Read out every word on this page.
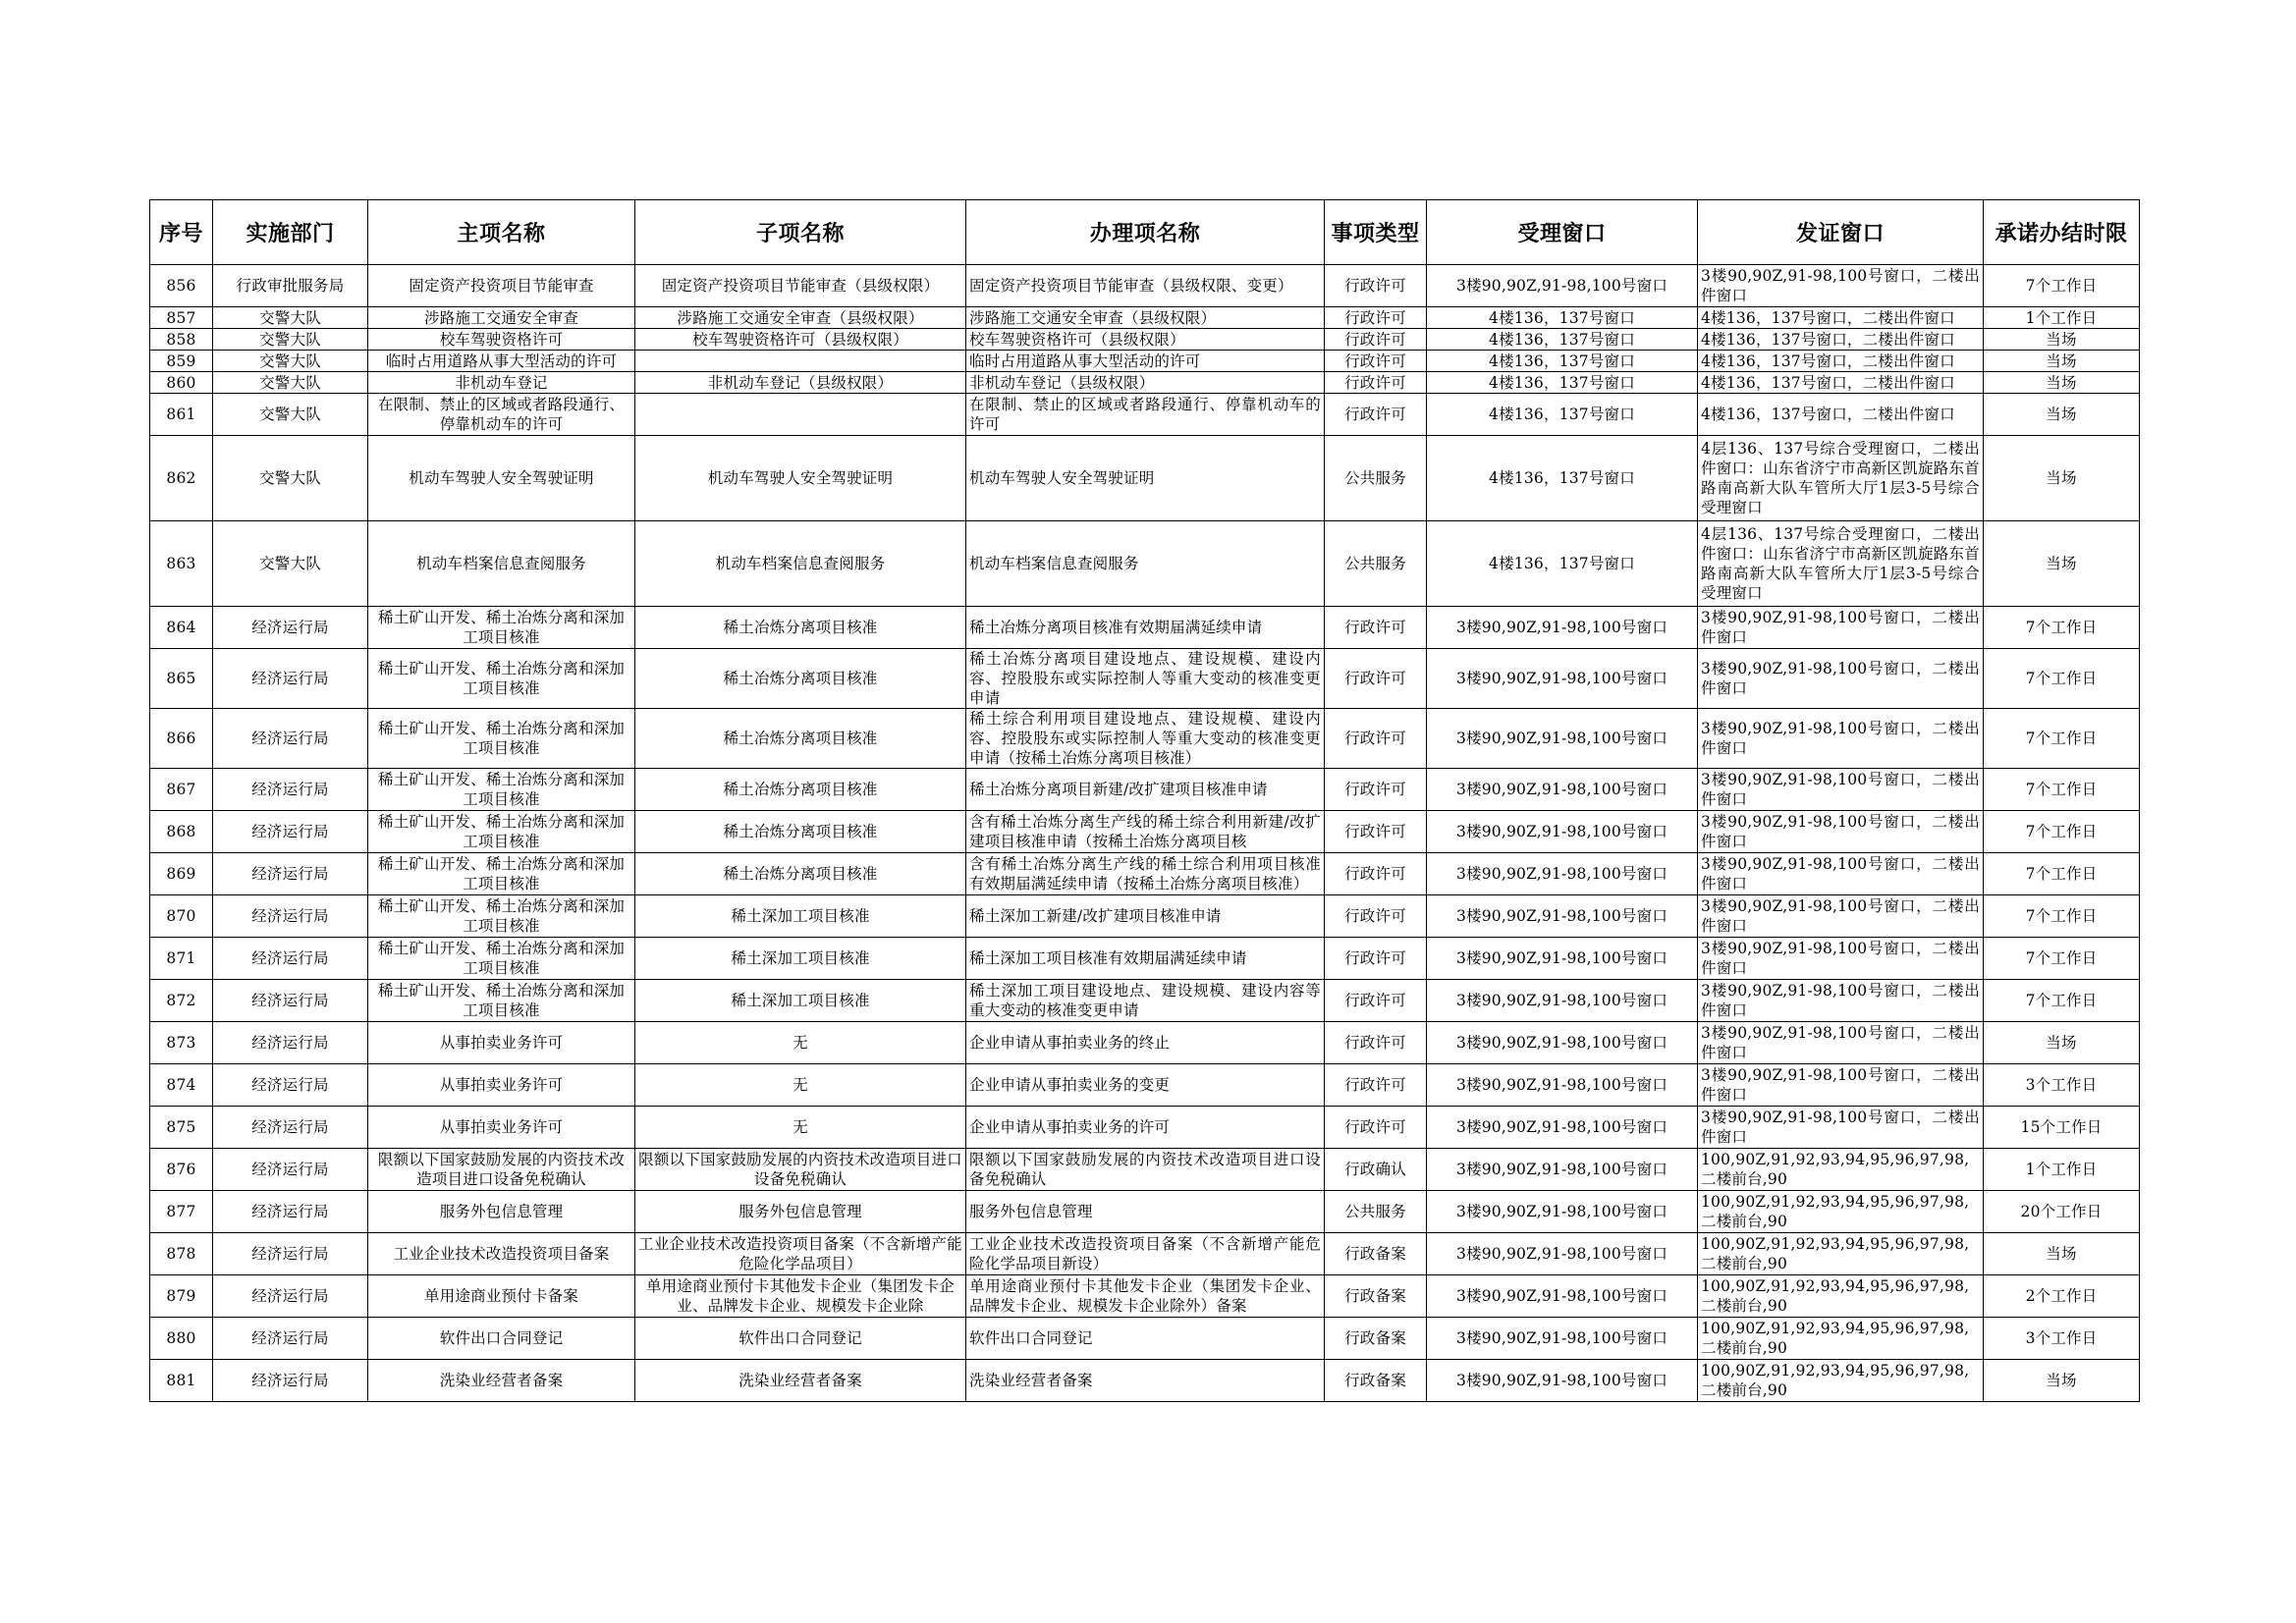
序号	实施部门	主项名称	子项名称	办理项名称	事项类型	受理窗口	发证窗口	承诺办结时限
856	行政审批服务局	固定资产投资项目节能审查	固定资产投资项目节能审查（县级权限）	固定资产投资项目节能审查（县级权限、变更）	行政许可	3楼90,90Z,91-98,100号窗口	3楼90,90Z,91-98,100号窗口，二楼出件窗口	7个工作日
857	交警大队	涉路施工交通安全审查	涉路施工交通安全审查（县级权限）	涉路施工交通安全审查（县级权限）	行政许可	4楼136，137号窗口	4楼136，137号窗口，二楼出件窗口	1个工作日
858	交警大队	校车驾驶资格许可	校车驾驶资格许可（县级权限）	校车驾驶资格许可（县级权限）	行政许可	4楼136，137号窗口	4楼136，137号窗口，二楼出件窗口	当场
859	交警大队	临时占用道路从事大型活动的许可		临时占用道路从事大型活动的许可	行政许可	4楼136，137号窗口	4楼136，137号窗口，二楼出件窗口	当场
860	交警大队	非机动车登记	非机动车登记（县级权限）	非机动车登记（县级权限）	行政许可	4楼136，137号窗口	4楼136，137号窗口，二楼出件窗口	当场
861	交警大队	在限制、禁止的区域或者路段通行、停靠机动车的许可		在限制、禁止的区域或者路段通行、停靠机动车的许可	行政许可	4楼136，137号窗口	4楼136，137号窗口，二楼出件窗口	当场
862	交警大队	机动车驾驶人安全驾驶证明	机动车驾驶人安全驾驶证明	机动车驾驶人安全驾驶证明	公共服务	4楼136，137号窗口	4层136、137号综合受理窗口，二楼出件窗口：山东省济宁市高新区凯旋路东首路南高新大队车管所大厅1层3-5号综合受理窗口	当场
863	交警大队	机动车档案信息查阅服务	机动车档案信息查阅服务	机动车档案信息查阅服务	公共服务	4楼136，137号窗口	4层136、137号综合受理窗口，二楼出件窗口：山东省济宁市高新区凯旋路东首路南高新大队车管所大厅1层3-5号综合受理窗口	当场
864	经济运行局	稀土矿山开发、稀土冶炼分离和深加工项目核准	稀土冶炼分离项目核准	稀土冶炼分离项目核准有效期届满延续申请	行政许可	3楼90,90Z,91-98,100号窗口	3楼90,90Z,91-98,100号窗口，二楼出件窗口	7个工作日
865	经济运行局	稀土矿山开发、稀土冶炼分离和深加工项目核准	稀土冶炼分离项目核准	稀土冶炼分离项目建设地点、建设规模、建设内容、控股股东或实际控制人等重大变动的核准变更申请	行政许可	3楼90,90Z,91-98,100号窗口	3楼90,90Z,91-98,100号窗口，二楼出件窗口	7个工作日
866	经济运行局	稀土矿山开发、稀土冶炼分离和深加工项目核准	稀土冶炼分离项目核准	稀土综合利用项目建设地点、建设规模、建设内容、控股股东或实际控制人等重大变动的核准变更申请（按稀土冶炼分离项目核准）	行政许可	3楼90,90Z,91-98,100号窗口	3楼90,90Z,91-98,100号窗口，二楼出件窗口	7个工作日
867	经济运行局	稀土矿山开发、稀土冶炼分离和深加工项目核准	稀土冶炼分离项目核准	稀土冶炼分离项目新建/改扩建项目核准申请	行政许可	3楼90,90Z,91-98,100号窗口	3楼90,90Z,91-98,100号窗口，二楼出件窗口	7个工作日
868	经济运行局	稀土矿山开发、稀土冶炼分离和深加工项目核准	稀土冶炼分离项目核准	含有稀土冶炼分离生产线的稀土综合利用新建/改扩建项目核准申请（按稀土冶炼分离项目核	行政许可	3楼90,90Z,91-98,100号窗口	3楼90,90Z,91-98,100号窗口，二楼出件窗口	7个工作日
869	经济运行局	稀土矿山开发、稀土冶炼分离和深加工项目核准	稀土冶炼分离项目核准	含有稀土冶炼分离生产线的稀土综合利用项目核准有效期届满延续申请（按稀土冶炼分离项目核准）	行政许可	3楼90,90Z,91-98,100号窗口	3楼90,90Z,91-98,100号窗口，二楼出件窗口	7个工作日
870	经济运行局	稀土矿山开发、稀土冶炼分离和深加工项目核准	稀土深加工项目核准	稀土深加工新建/改扩建项目核准申请	行政许可	3楼90,90Z,91-98,100号窗口	3楼90,90Z,91-98,100号窗口，二楼出件窗口	7个工作日
871	经济运行局	稀土矿山开发、稀土冶炼分离和深加工项目核准	稀土深加工项目核准	稀土深加工项目核准有效期届满延续申请	行政许可	3楼90,90Z,91-98,100号窗口	3楼90,90Z,91-98,100号窗口，二楼出件窗口	7个工作日
872	经济运行局	稀土矿山开发、稀土冶炼分离和深加工项目核准	稀土深加工项目核准	稀土深加工项目建设地点、建设规模、建设内容等重大变动的核准变更申请	行政许可	3楼90,90Z,91-98,100号窗口	3楼90,90Z,91-98,100号窗口，二楼出件窗口	7个工作日
873	经济运行局	从事拍卖业务许可	无	企业申请从事拍卖业务的终止	行政许可	3楼90,90Z,91-98,100号窗口	3楼90,90Z,91-98,100号窗口，二楼出件窗口	当场
874	经济运行局	从事拍卖业务许可	无	企业申请从事拍卖业务的变更	行政许可	3楼90,90Z,91-98,100号窗口	3楼90,90Z,91-98,100号窗口，二楼出件窗口	3个工作日
875	经济运行局	从事拍卖业务许可	无	企业申请从事拍卖业务的许可	行政许可	3楼90,90Z,91-98,100号窗口	3楼90,90Z,91-98,100号窗口，二楼出件窗口	15个工作日
876	经济运行局	限额以下国家鼓励发展的内资技术改造项目进口设备免税确认	限额以下国家鼓励发展的内资技术改造项目进口设备免税确认	限额以下国家鼓励发展的内资技术改造项目进口设备免税确认	行政确认	3楼90,90Z,91-98,100号窗口	100,90Z,91,92,93,94,95,96,97,98,二楼前台,90	1个工作日
877	经济运行局	服务外包信息管理	服务外包信息管理	服务外包信息管理	公共服务	3楼90,90Z,91-98,100号窗口	100,90Z,91,92,93,94,95,96,97,98,二楼前台,90	20个工作日
878	经济运行局	工业企业技术改造投资项目备案	工业企业技术改造投资项目备案（不含新增产能危险化学品项目）	工业企业技术改造投资项目备案（不含新增产能危险化学品项目新设）	行政备案	3楼90,90Z,91-98,100号窗口	100,90Z,91,92,93,94,95,96,97,98,二楼前台,90	当场
879	经济运行局	单用途商业预付卡备案	单用途商业预付卡其他发卡企业（集团发卡企业、品牌发卡企业、规模发卡企业除	单用途商业预付卡其他发卡企业（集团发卡企业、品牌发卡企业、规模发卡企业除外）备案	行政备案	3楼90,90Z,91-98,100号窗口	100,90Z,91,92,93,94,95,96,97,98,二楼前台,90	2个工作日
880	经济运行局	软件出口合同登记	软件出口合同登记	软件出口合同登记	行政备案	3楼90,90Z,91-98,100号窗口	100,90Z,91,92,93,94,95,96,97,98,二楼前台,90	3个工作日
881	经济运行局	洗染业经营者备案	洗染业经营者备案	洗染业经营者备案	行政备案	3楼90,90Z,91-98,100号窗口	100,90Z,91,92,93,94,95,96,97,98,二楼前台,90	当场
